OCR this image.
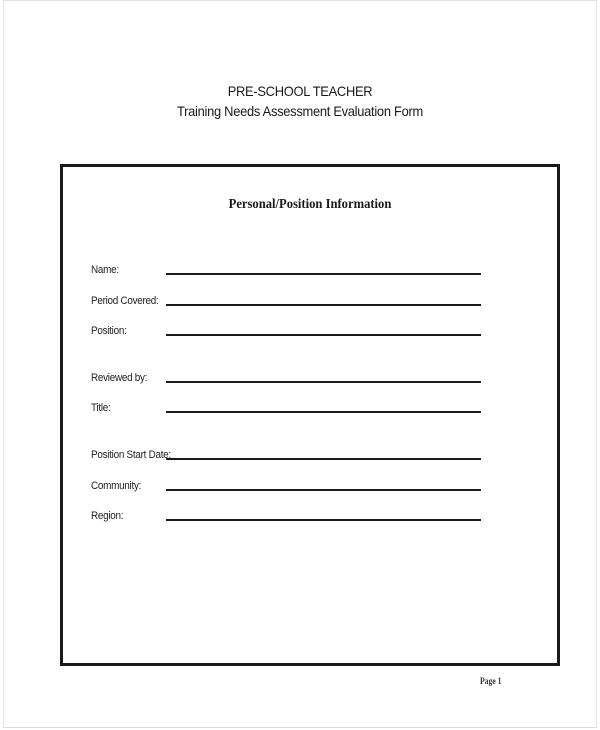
PRE-SCHOOL TEACHER
Training Needs Assessment Evaluation Form
Personal/Position Information
Name:
Period Covered:
Position:
Reviewed by:
Title:
Position Start Date:
Community:
Region:
Page 1
